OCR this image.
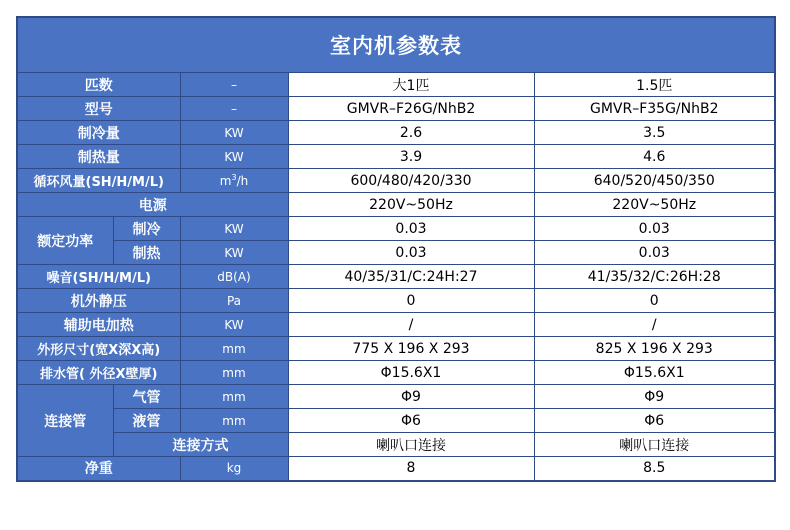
室内机参数表				
匹数		–	大1匹	1.5匹
型号		–	GMVR–F26G/NhB2	GMVR–F35G/NhB2
制冷量		KW	2.6	3.5
制热量		KW	3.9	4.6
循环风量(SH/H/M/L)		$m^3/h$	600/480/420/330	640/520/450/350
电源			220V~50Hz	220V~50Hz
额定功率	制冷	KW	0.03	0.03
	制热	KW	0.03	0.03
噪音(SH/H/M/L)		dB(A)	40/35/31/C:24H:27	41/35/32/C:26H:28
机外静压		Pa	0	0
辅助电加热		KW	/	/
外形尺寸(宽X深X高)		mm	775 X 196 X 293	825 X 196 X 293
排水管( 外径X壁厚)		mm	Φ15.6X1	Φ15.6X1
连接管	气管	mm	Φ9	Φ9
	液管	mm	Φ6	Φ6
	连接方式		喇叭口连接	喇叭口连接
净重		kg	8	8.5
